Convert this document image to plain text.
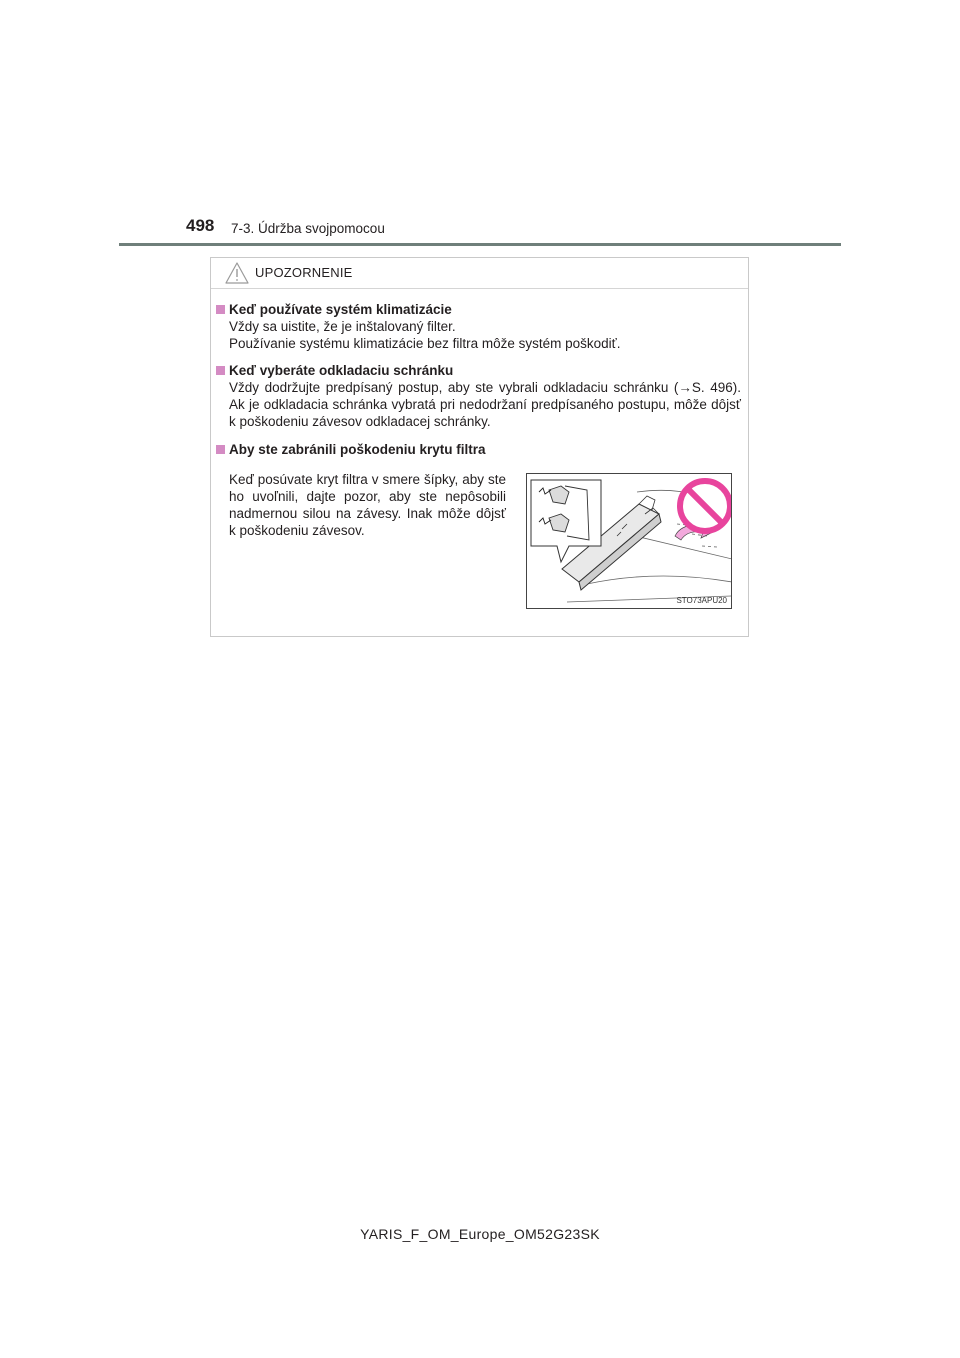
498 7-3. Údržba svojpomocou
UPOZORNENIE
Keď používate systém klimatizácie

Vždy sa uistite, že je inštalovaný filter.

Používanie systému klimatizácie bez filtra môže systém poškodiť.

Keď vyberáte odkladaciu schránku

Vždy dodržujte predpísaný postup, aby ste vybrali odkladaciu schránku (→S. 496). Ak je odkladacia schránka vybratá pri nedodržaní predpísaného postupu, môže dôjsť k poškodeniu závesov odkladacej schránky.

Aby ste zabránili poškodeniu krytu filtra
Keď posúvate kryt filtra v smere šípky, aby ste ho uvoľnili, dajte pozor, aby ste nepôsobili nadmernou silou na závesy. Inak môže dôjsť k poškodeniu závesov.
STO73APU20
YARIS_F_OM_Europe_OM52G23SK
